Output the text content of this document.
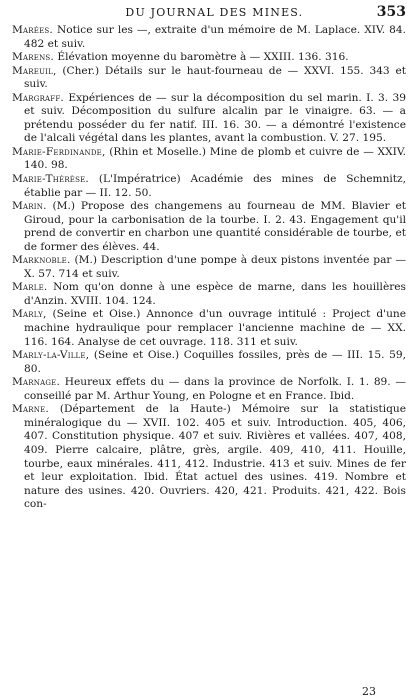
DU JOURNAL DES MINES.	353

Marées. Notice sur les —, extraite d'un mémoire de M. Laplace. XIV. 84. 482 et suiv.

Marens. Élévation moyenne du baromètre à — XXIII. 136. 316.

Mareuil, (Cher.) Détails sur le haut-fourneau de — XXVI. 155. 343 et suiv.

Margraff. Expériences de — sur la décomposition du sel marin. I. 3. 39 et suiv. Décomposition du sulfure alcalin par le vinaigre. 63. — a prétendu posséder du fer natif. III. 16. 30. — a démontré l'existence de l'alcali végétal dans les plantes, avant la combustion. V. 27. 195.

Marie-Ferdinande, (Rhin et Moselle.) Mine de plomb et cuivre de — XXIV. 140. 98.

Marie-Thérèse. (L'Impératrice) Académie des mines de Schemnitz, établie par — II. 12. 50.

Marin. (M.) Propose des changemens au fourneau de MM. Blavier et Giroud, pour la carbonisation de la tourbe. I. 2. 43. Engagement qu'il prend de convertir en charbon une quantité considérable de tourbe, et de former des élèves. 44.

Marknoble. (M.) Description d'une pompe à deux pistons inventée par — X. 57. 714 et suiv.

Marle. Nom qu'on donne à une espèce de marne, dans les houillères d'Anzin. XVIII. 104. 124.

Marly, (Seine et Oise.) Annonce d'un ouvrage intitulé : Project d'une machine hydraulique pour remplacer l'ancienne machine de — XX. 116. 164. Analyse de cet ouvrage. 118. 311 et suiv.

Marly-la-Ville, (Seine et Oise.) Coquilles fossiles, près de — III. 15. 59, 80.

Marnage. Heureux effets du — dans la province de Norfolk. I. 1. 89. — conseillé par M. Arthur Young, en Pologne et en France. Ibid.

Marne. (Département de la Haute-) Mémoire sur la statistique minéralogique du — XVII. 102. 405 et suiv. Introduction. 405, 406, 407. Constitution physique. 407 et suiv. Rivières et vallées. 407, 408, 409. Pierre calcaire, plâtre, grès, argile. 409, 410, 411. Houille, tourbe, eaux minérales. 411, 412. Industrie. 413 et suiv. Mines de fer et leur exploitation. Ibid. État actuel des usines. 419. Nombre et nature des usines. 420. Ouvriers. 420, 421. Produits. 421, 422. Bois con-

23
